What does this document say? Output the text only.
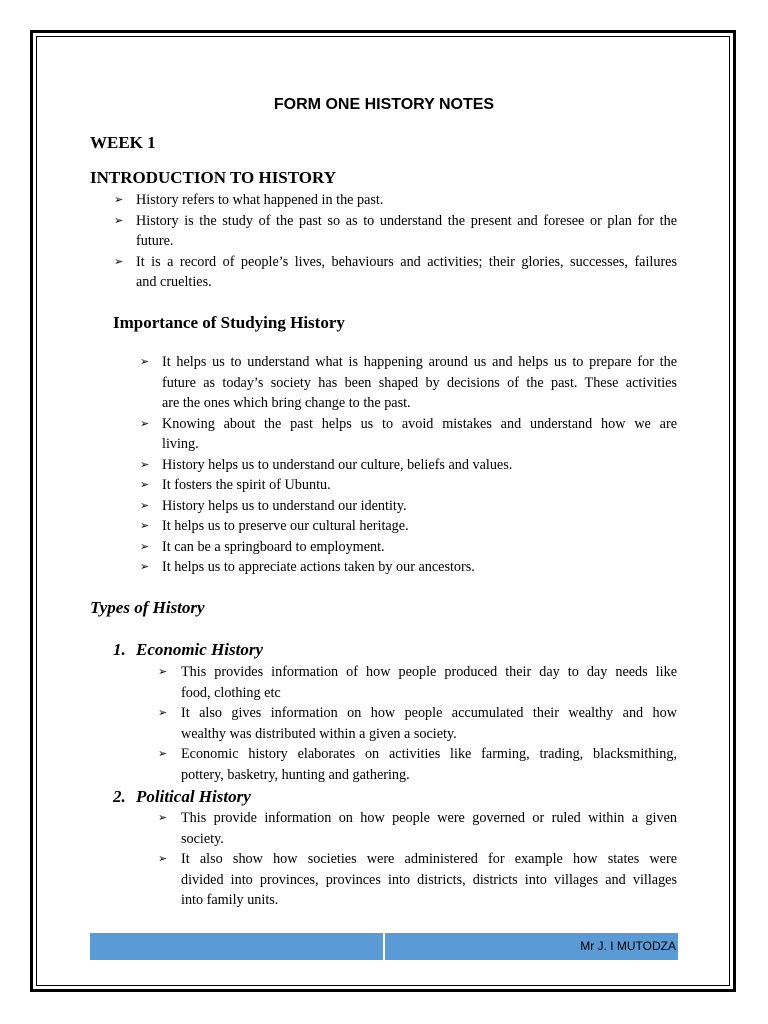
FORM ONE HISTORY NOTES
WEEK 1
INTRODUCTION TO HISTORY
➢ History refers to what happened in the past.
➢ History is the study of the past so as to understand the present and foresee or plan for the
future.
➢ It is a record of people’s lives, behaviours and activities; their glories, successes, failures
and cruelties.
Importance of Studying History
➢ It helps us to understand what is happening around us and helps us to prepare for the
future as today’s society has been shaped by decisions of the past. These activities
are the ones which bring change to the past.
➢ Knowing about the past helps us to avoid mistakes and understand how we are
living.
➢ History helps us to understand our culture, beliefs and values.
➢ It fosters the spirit of Ubuntu.
➢ History helps us to understand our identity.
➢ It helps us to preserve our cultural heritage.
➢ It can be a springboard to employment.
➢ It helps us to appreciate actions taken by our ancestors.
Types of History
1. Economic History
➢ This provides information of how people produced their day to day needs like
food, clothing etc
➢ It also gives information on how people accumulated their wealthy and how
wealthy was distributed within a given a society.
➢ Economic history elaborates on activities like farming, trading, blacksmithing,
pottery, basketry, hunting and gathering.
2. Political History
➢ This provide information on how people were governed or ruled within a given
society.
➢ It also show how societies were administered for example how states were
divided into provinces, provinces into districts, districts into villages and villages
into family units.
Mr J. I MUTODZA
